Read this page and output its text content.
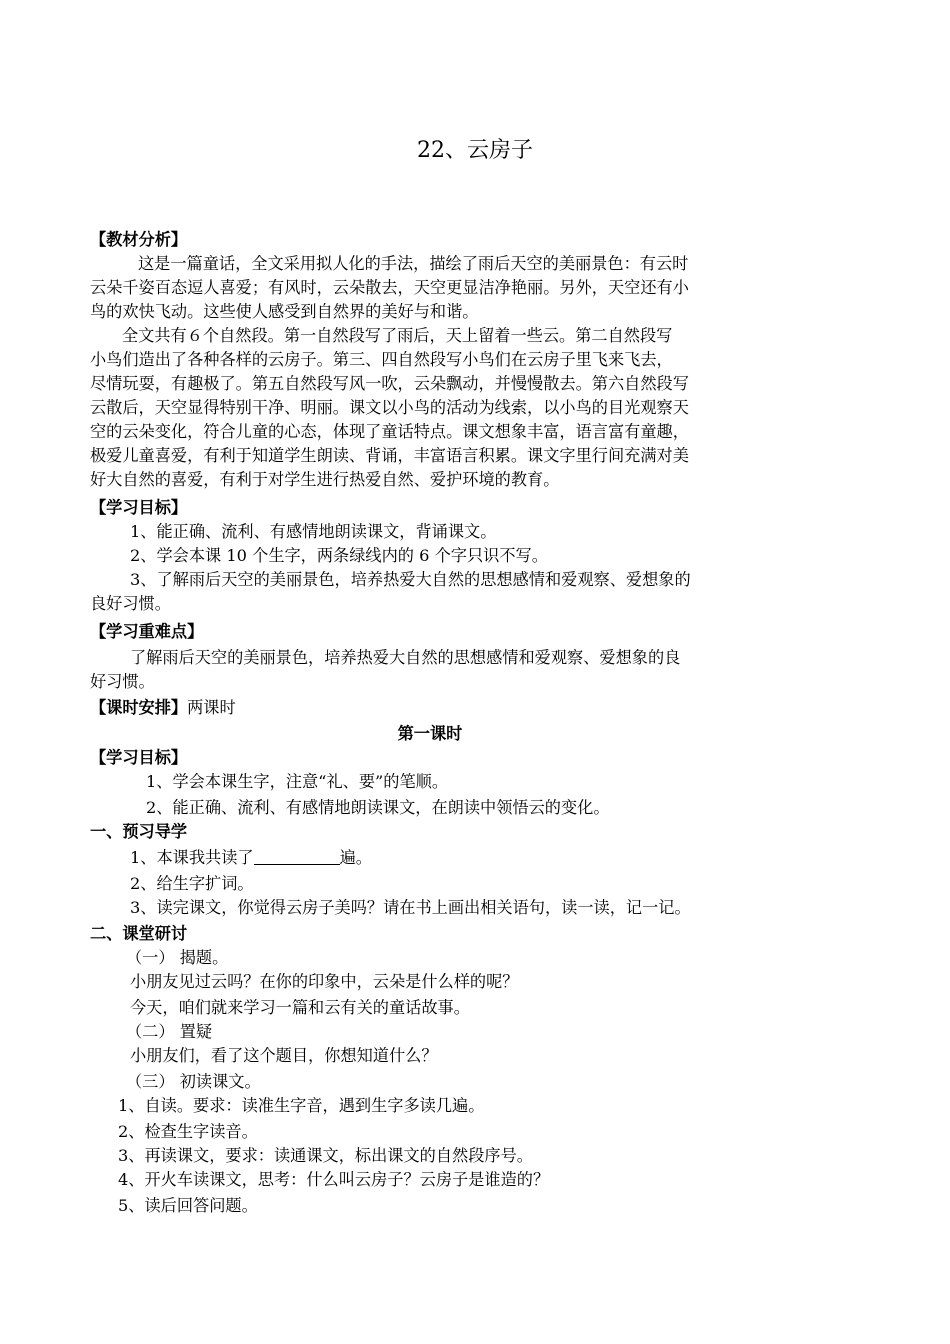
22、云房子
【教材分析】
这是一篇童话，全文采用拟人化的手法，描绘了雨后天空的美丽景色：有云时
云朵千姿百态逗人喜爱；有风时，云朵散去，天空更显洁净艳丽。另外，天空还有小
鸟的欢快飞动。这些使人感受到自然界的美好与和谐。
全文共有６个自然段。第一自然段写了雨后，天上留着一些云。第二自然段写
小鸟们造出了各种各样的云房子。第三、四自然段写小鸟们在云房子里飞来飞去，
尽情玩耍，有趣极了。第五自然段写风一吹，云朵飘动，并慢慢散去。第六自然段写
云散后，天空显得特别干净、明丽。课文以小鸟的活动为线索，以小鸟的目光观察天
空的云朵变化，符合儿童的心态，体现了童话特点。课文想象丰富，语言富有童趣，
极爱儿童喜爱，有利于知道学生朗读、背诵，丰富语言积累。课文字里行间充满对美
好大自然的喜爱，有利于对学生进行热爱自然、爱护环境的教育。
【学习目标】
1、能正确、流利、有感情地朗读课文，背诵课文。
2、学会本课 10 个生字，两条绿线内的 6 个字只识不写。
3、了解雨后天空的美丽景色，培养热爱大自然的思想感情和爱观察、爱想象的
良好习惯。
【学习重难点】
了解雨后天空的美丽景色，培养热爱大自然的思想感情和爱观察、爱想象的良
好习惯。
【课时安排】两课时
第一课时
【学习目标】
1、学会本课生字，注意“礼、要”的笔顺。
2、能正确、流利、有感情地朗读课文，在朗读中领悟云的变化。
一、预习导学
1、本课我共读了	遍。
2、给生字扩词。
3、读完课文，你觉得云房子美吗？请在书上画出相关语句，读一读，记一记。
二、课堂研讨
（一） 揭题。
小朋友见过云吗？在你的印象中，云朵是什么样的呢？
今天，咱们就来学习一篇和云有关的童话故事。
（二） 置疑
小朋友们，看了这个题目，你想知道什么？
（三） 初读课文。
1、自读。要求：读准生字音，遇到生字多读几遍。
2、检查生字读音。
3、再读课文，要求：读通课文，标出课文的自然段序号。
4、开火车读课文，思考：什么叫云房子？云房子是谁造的？
5、读后回答问题。
